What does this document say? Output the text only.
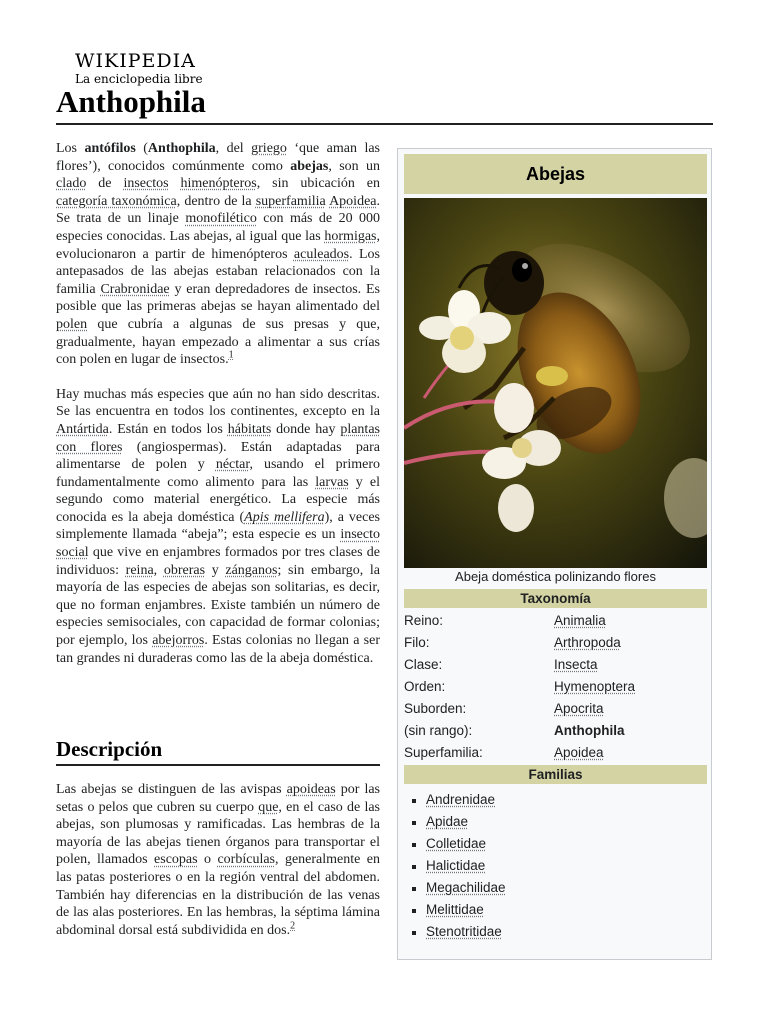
WIKIPEDIA
La enciclopedia libre
Anthophila

Los antófilos (Anthophila, del griego ‘que aman las flores’), conocidos comúnmente como abejas, son un clado de insectos himenópteros, sin ubicación en categoría taxonómica, dentro de la superfamilia Apoidea. Se trata de un linaje monofilético con más de 20 000 especies conocidas. Las abejas, al igual que las hormigas, evolucionaron a partir de himenópteros aculeados. Los antepasados de las abejas estaban relacionados con la familia Crabronidae y eran depredadores de insectos. Es posible que las primeras abejas se hayan alimentado del polen que cubría a algunas de sus presas y que, gradualmente, hayan empezado a alimentar a sus crías con polen en lugar de insectos.$^1$

Hay muchas más especies que aún no han sido descritas. Se las encuentra en todos los continentes, excepto en la Antártida. Están en todos los hábitats donde hay plantas con flores (angiospermas). Están adaptadas para alimentarse de polen y néctar, usando el primero fundamentalmente como alimento para las larvas y el segundo como material energético. La especie más conocida es la abeja doméstica (Apis mellifera), a veces simplemente llamada “abeja”; esta especie es un insecto social que vive en enjambres formados por tres clases de individuos: reina, obreras y zánganos; sin embargo, la mayoría de las especies de abejas son solitarias, es decir, que no forman enjambres. Existe también un número de especies semisociales, con capacidad de formar colonias; por ejemplo, los abejorros. Estas colonias no llegan a ser tan grandes ni duraderas como las de la abeja doméstica.

Descripción

Las abejas se distinguen de las avispas apoideas por las setas o pelos que cubren su cuerpo que, en el caso de las abejas, son plumosas y ramificadas. Las hembras de la mayoría de las abejas tienen órganos para transportar el polen, llamados escopas o corbículas, generalmente en las patas posteriores o en la región ventral del abdomen. También hay diferencias en la distribución de las venas de las alas posteriores. En las hembras, la séptima lámina abdominal dorsal está subdividida en dos.$^2$

Abejas
Abeja doméstica polinizando flores
Taxonomía
Reino:	Animalia
Filo:	Arthropoda
Clase:	Insecta
Orden:	Hymenoptera
Suborden:	Apocrita
(sin rango):	Anthophila
Superfamilia:	Apoidea
Familias
Andrenidae
Apidae
Colletidae
Halictidae
Megachilidae
Melittidae
Stenotritidae
